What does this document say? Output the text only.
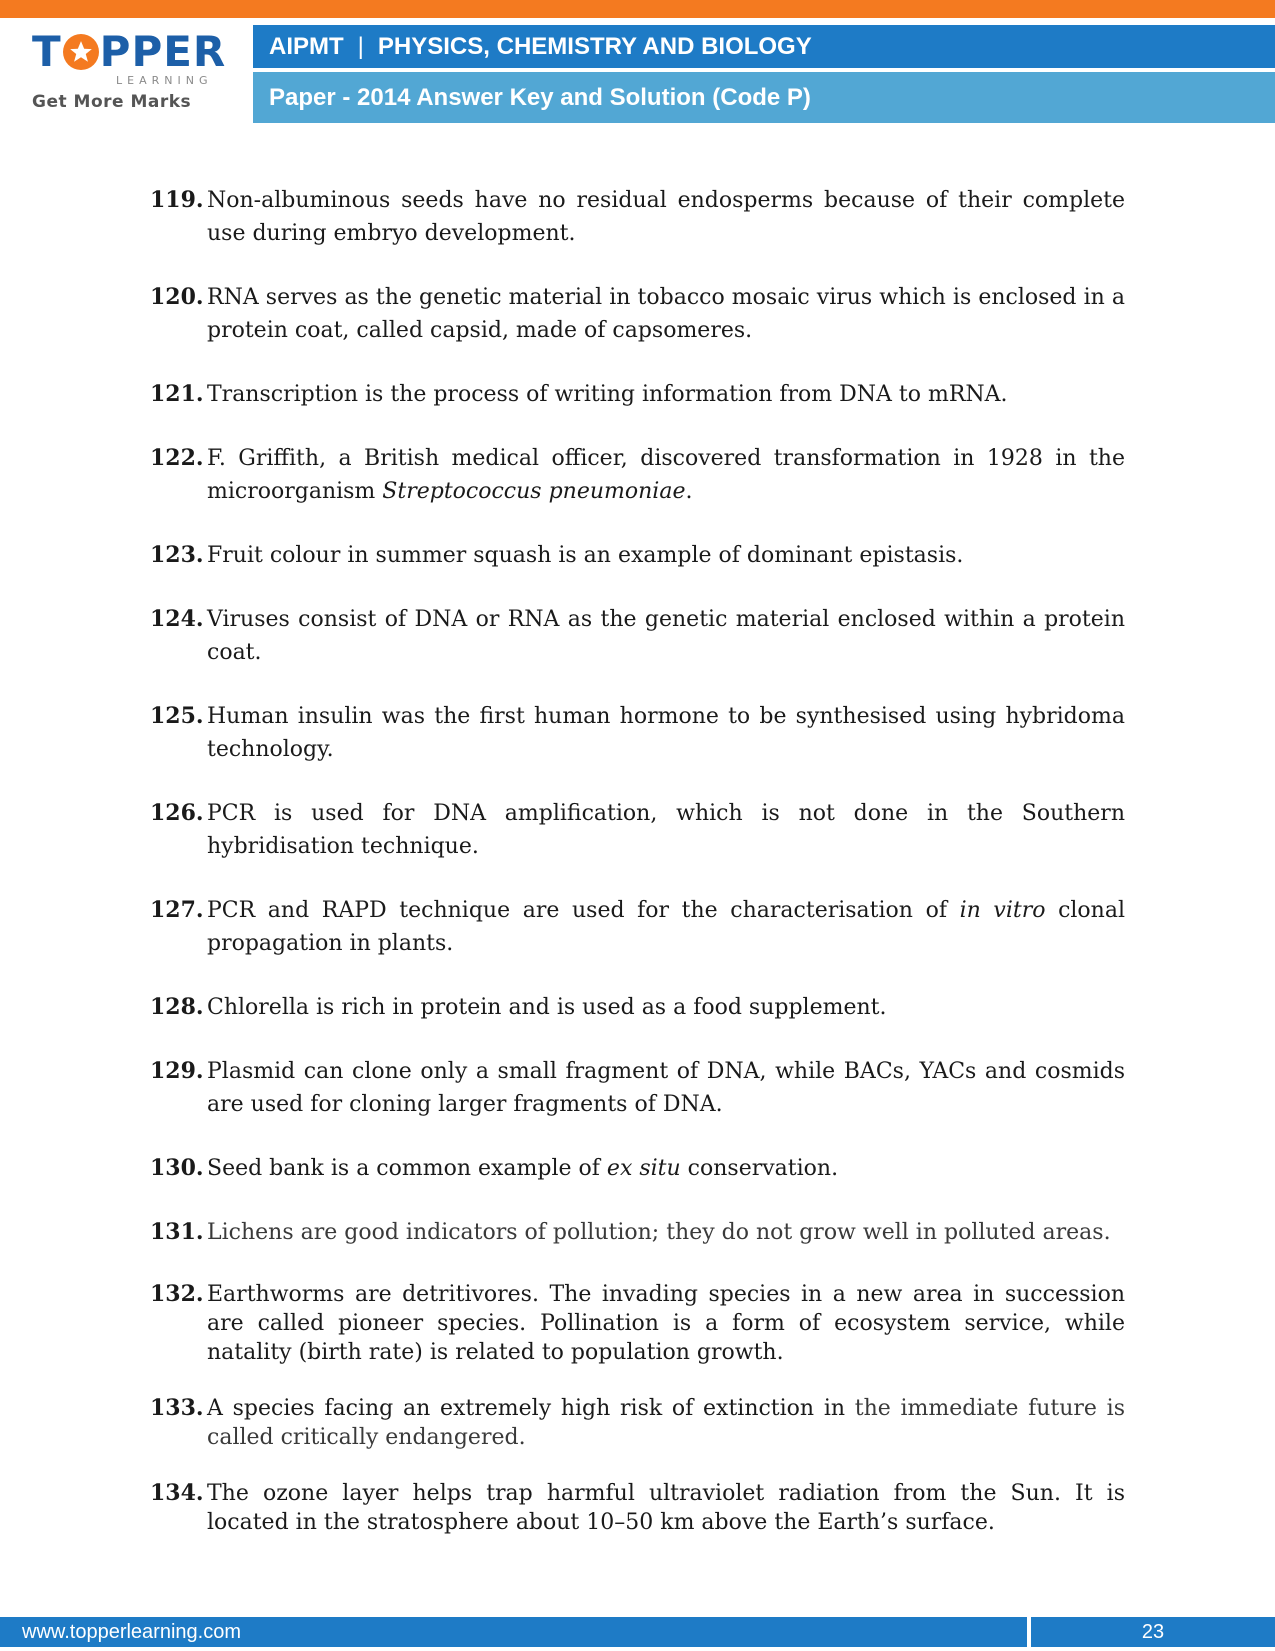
T PPER
LEARNING
Get More Marks
AIPMT | PHYSICS, CHEMISTRY AND BIOLOGY
Paper - 2014 Answer Key and Solution (Code P)
119. Non-albuminous seeds have no residual endosperms because of their complete use during embryo development.
120. RNA serves as the genetic material in tobacco mosaic virus which is enclosed in a protein coat, called capsid, made of capsomeres.
121. Transcription is the process of writing information from DNA to mRNA.
122. F. Griffith, a British medical officer, discovered transformation in 1928 in the microorganism Streptococcus pneumoniae.
123. Fruit colour in summer squash is an example of dominant epistasis.
124. Viruses consist of DNA or RNA as the genetic material enclosed within a protein coat.
125. Human insulin was the first human hormone to be synthesised using hybridoma technology.
126. PCR is used for DNA amplification, which is not done in the Southern hybridisation technique.
127. PCR and RAPD technique are used for the characterisation of in vitro clonal propagation in plants.
128. Chlorella is rich in protein and is used as a food supplement.
129. Plasmid can clone only a small fragment of DNA, while BACs, YACs and cosmids are used for cloning larger fragments of DNA.
130. Seed bank is a common example of ex situ conservation.
131. Lichens are good indicators of pollution; they do not grow well in polluted areas.
132. Earthworms are detritivores. The invading species in a new area in succession are called pioneer species. Pollination is a form of ecosystem service, while natality (birth rate) is related to population growth.
133. A species facing an extremely high risk of extinction in the immediate future is called critically endangered.
134. The ozone layer helps trap harmful ultraviolet radiation from the Sun. It is located in the stratosphere about 10–50 km above the Earth’s surface.
www.topperlearning.com	23
